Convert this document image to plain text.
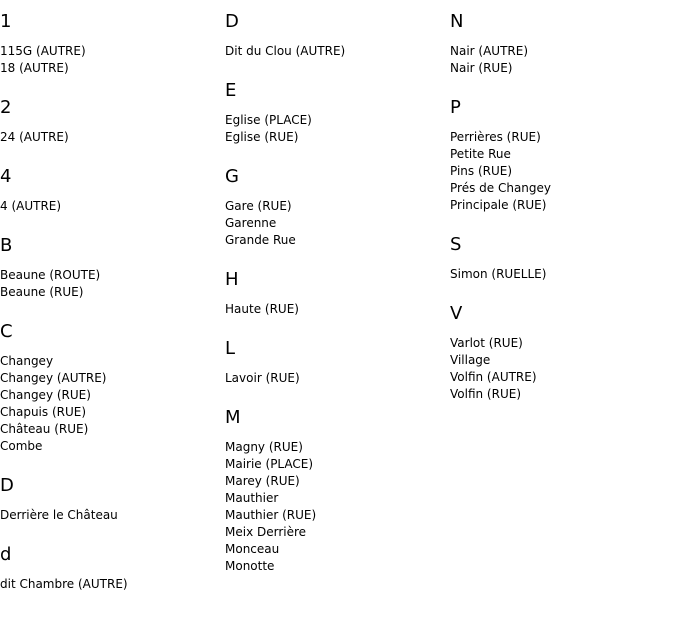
1
115G (AUTRE)
18 (AUTRE)
2
24 (AUTRE)
4
4 (AUTRE)
B
Beaune (ROUTE)
Beaune (RUE)
C
Changey
Changey (AUTRE)
Changey (RUE)
Chapuis (RUE)
Château (RUE)
Combe
D
Derrière le Château
d
dit Chambre (AUTRE)
D
Dit du Clou (AUTRE)
E
Eglise (PLACE)
Eglise (RUE)
G
Gare (RUE)
Garenne
Grande Rue
H
Haute (RUE)
L
Lavoir (RUE)
M
Magny (RUE)
Mairie (PLACE)
Marey (RUE)
Mauthier
Mauthier (RUE)
Meix Derrière
Monceau
Monotte
N
Nair (AUTRE)
Nair (RUE)
P
Perrières (RUE)
Petite Rue
Pins (RUE)
Prés de Changey
Principale (RUE)
S
Simon (RUELLE)
V
Varlot (RUE)
Village
Volfin (AUTRE)
Volfin (RUE)
